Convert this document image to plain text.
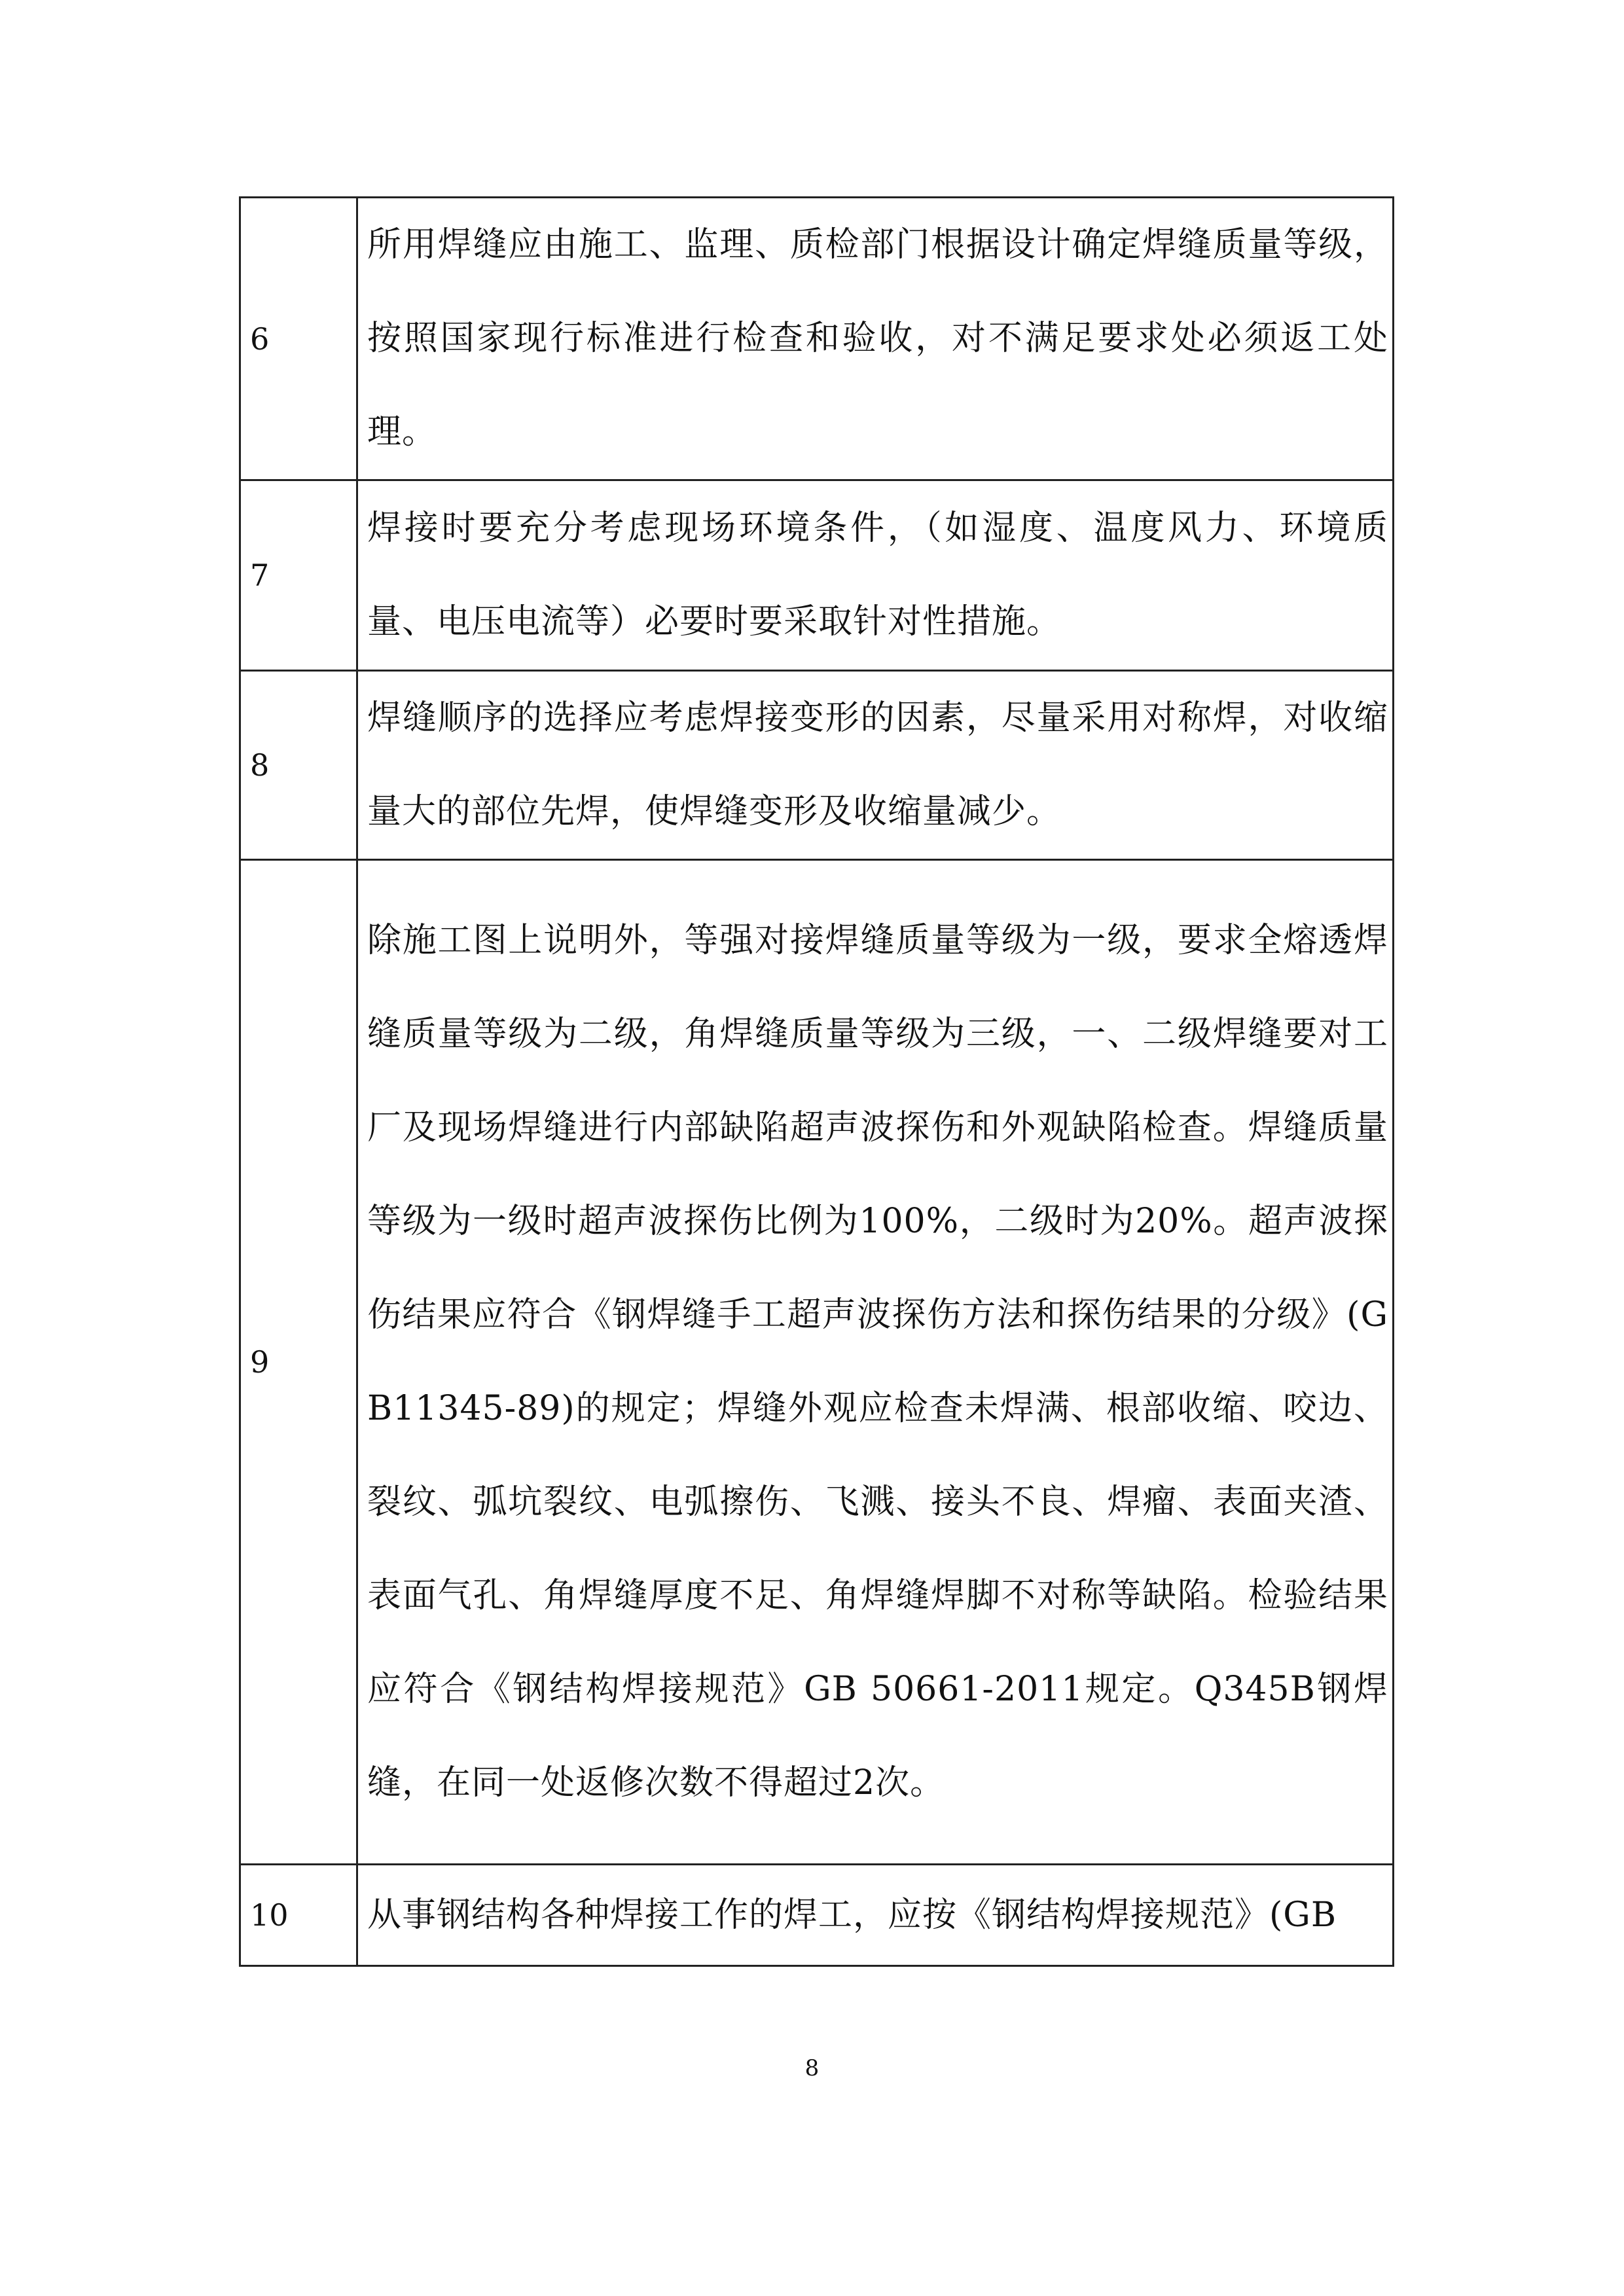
6	所用焊缝应由施工、监理、质检部门根据设计确定焊缝质量等级，按照国家现行标准进行检查和验收，对不满足要求处必须返工处理。
7	焊接时要充分考虑现场环境条件，（如湿度、温度风力、环境质量、电压电流等）必要时要采取针对性措施。
8	焊缝顺序的选择应考虑焊接变形的因素，尽量采用对称焊，对收缩量大的部位先焊，使焊缝变形及收缩量减少。
9	除施工图上说明外，等强对接焊缝质量等级为一级，要求全熔透焊缝质量等级为二级，角焊缝质量等级为三级，一、二级焊缝要对工厂及现场焊缝进行内部缺陷超声波探伤和外观缺陷检查。焊缝质量等级为一级时超声波探伤比例为100%，二级时为20%。超声波探伤结果应符合《钢焊缝手工超声波探伤方法和探伤结果的分级》(GB11345-89)的规定；焊缝外观应检查未焊满、根部收缩、咬边、裂纹、弧坑裂纹、电弧擦伤、飞溅、接头不良、焊瘤、表面夹渣、表面气孔、角焊缝厚度不足、角焊缝焊脚不对称等缺陷。检验结果应符合《钢结构焊接规范》GB 50661-2011规定。Q345B钢焊缝，在同一处返修次数不得超过2次。
10	从事钢结构各种焊接工作的焊工，应按《钢结构焊接规范》(GB
8
